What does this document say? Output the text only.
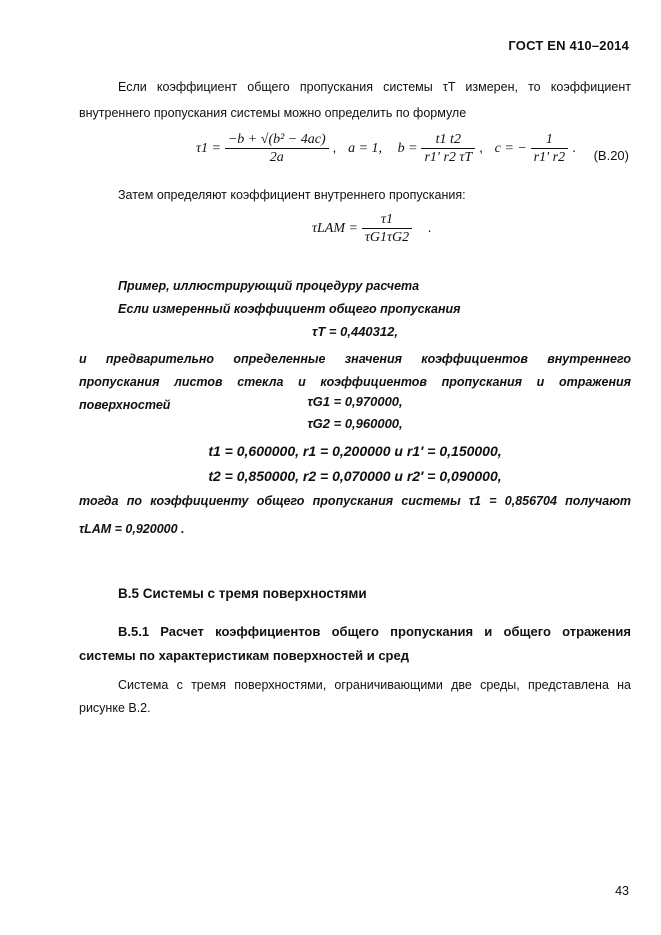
ГОСТ EN 410–2014
Если коэффициент общего пропускания системы τT измерен, то коэффициент внутреннего пропускания системы можно определить по формуле
$\tau 1 = \frac{\text{−b + √(b² − 4ac)}}{2a}$ ,   a = 1, $b = \frac{t1 t2}{r1' r2 \tau T}$ ,   c = − $\frac{1}{r1' r2}$ .
(В.20)
Затем определяют коэффициент внутреннего пропускания:
$\tau LAM = \frac{\tau 1}{\tau G1\tau G2}$ .
Пример, иллюстрирующий процедуру расчета
Если измеренный коэффициент общего пропускания
τT = 0,440312,
и предварительно определенные значения коэффициентов внутреннего пропускания листов стекла и коэффициентов пропускания и отражения поверхностей	τG1 = 0,970000,
τG2 = 0,960000,
t1 = 0,600000, r1 = 0,200000 и r1′ = 0,150000,
t2 = 0,850000, r2 = 0,070000 и r2′ = 0,090000,
тогда по коэффициенту общего пропускания системы τ1 = 0,856704 получают
τLAM = 0,920000 .
В.5 Системы с тремя поверхностями
В.5.1 Расчет коэффициентов общего пропускания и общего отражения системы по характеристикам поверхностей и сред
Система с тремя поверхностями, ограничивающими две среды, представлена на рисунке В.2.
43
